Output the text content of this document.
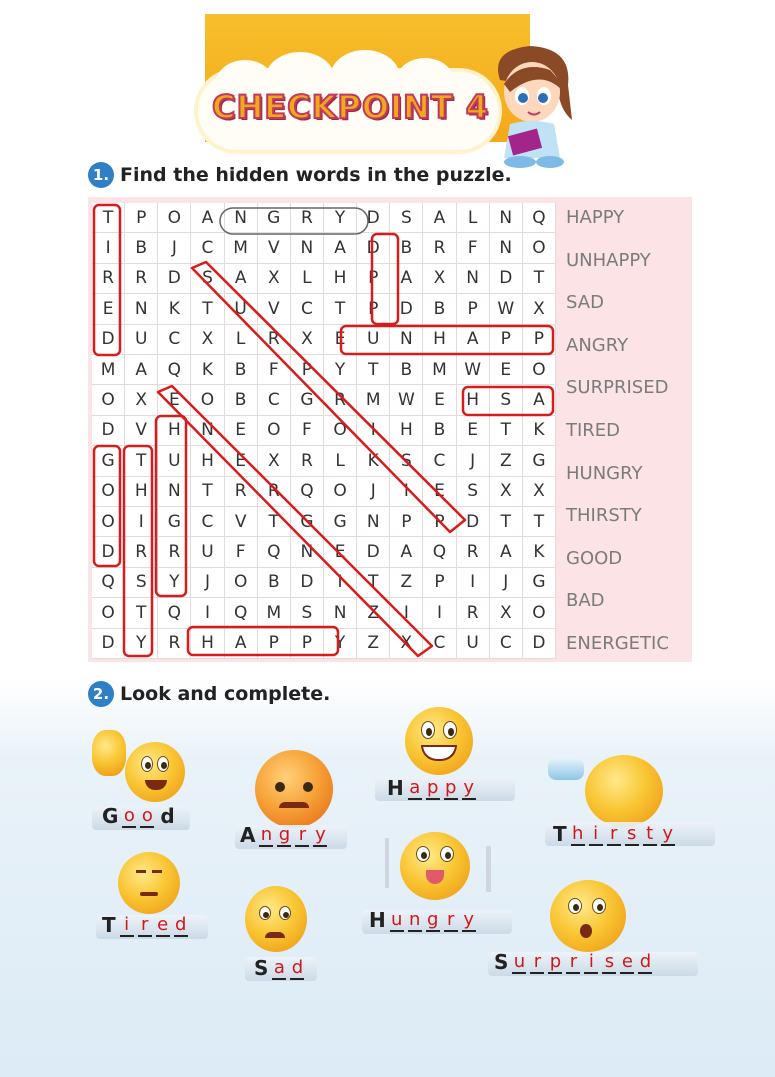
CHECKPOINT 4
1. Find the hidden words in the puzzle.
T	P	O	A	N	G	R	Y	D	S	A	L	N	Q
I	B	J	C	M	V	N	A	D	B	R	F	N	O
R	R	D	S	A	X	L	H	P	A	X	N	D	T
E	N	K	T	U	V	C	T	P	D	B	P	W	X
D	U	C	X	L	R	X	E	U	N	H	A	P	P
M	A	Q	K	B	F	P	Y	T	B	M	W	E	O
O	X	E	O	B	C	G	R	M	W	E	H	S	A
D	V	H	N	E	O	F	O	I	H	B	E	T	K
G	T	U	H	E	X	R	L	K	S	C	J	Z	G
O	H	N	T	R	R	Q	O	J	I	E	S	X	X
O	I	G	C	V	T	G	G	N	P	P	D	T	T
D	R	R	U	F	Q	N	E	D	A	Q	R	A	K
Q	S	Y	J	O	B	D	I	T	Z	P	I	J	G
O	T	Q	I	Q	M	S	N	Z	I	I	R	X	O
D	Y	R	H	A	P	P	Y	Z	X	C	U	C	D
HAPPY
UNHAPPY
SAD
ANGRY
SURPRISED
TIRED
HUNGRY
THIRSTY
GOOD
BAD
ENERGETIC
2. Look and complete.
G o o d
A n g r y
H a p p y
T h i r s t y
T i r e d
S a d
H u n g r y
S u r p r i s e d
